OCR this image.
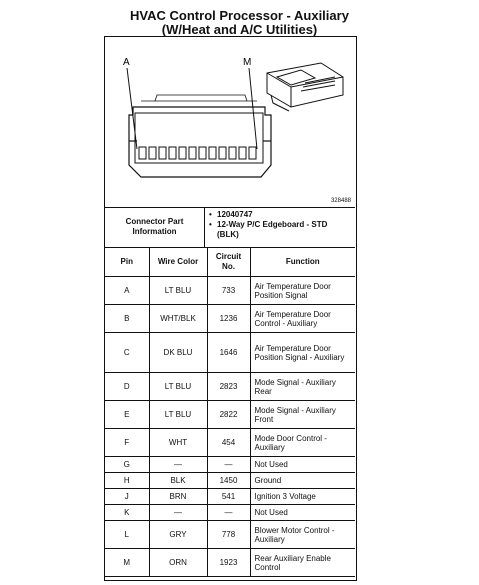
HVAC Control Processor - Auxiliary
(W/Heat and A/C Utilities)
A	M
328488
Connector Part Information
• 12040747
• 12-Way P/C Edgeboard - STD (BLK)
Pin	Wire Color	Circuit No.	Function
A	LT BLU	733	Air Temperature Door Position Signal
B	WHT/BLK	1236	Air Temperature Door Control - Auxiliary
C	DK BLU	1646	Air Temperature Door Position Signal - Auxiliary
D	LT BLU	2823	Mode Signal - Auxiliary Rear
E	LT BLU	2822	Mode Signal - Auxiliary Front
F	WHT	454	Mode Door Control - Auxiliary
G	—	—	Not Used
H	BLK	1450	Ground
J	BRN	541	Ignition 3 Voltage
K	—	—	Not Used
L	GRY	778	Blower Motor Control - Auxiliary
M	ORN	1923	Rear Auxiliary Enable Control
